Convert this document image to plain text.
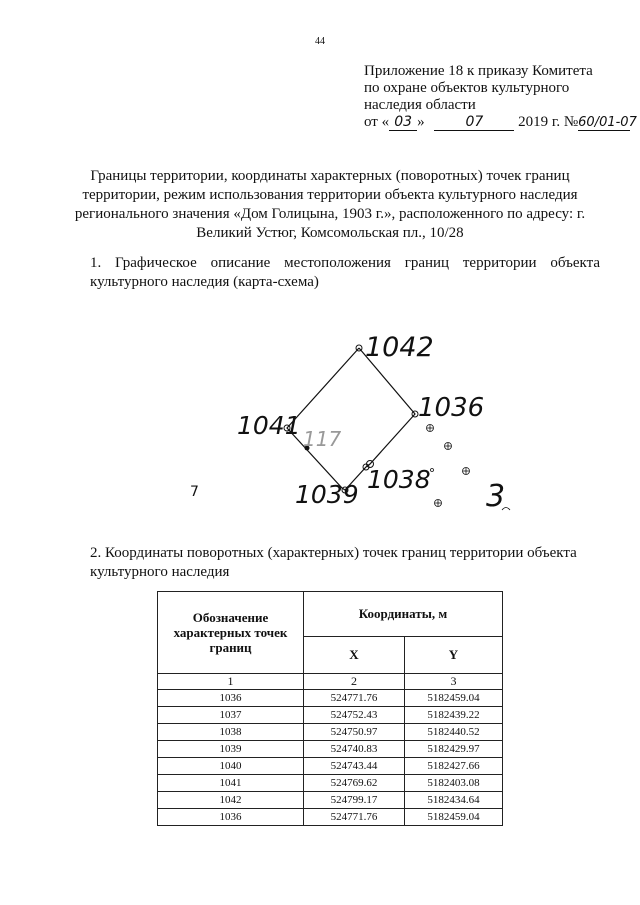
44
Приложение 18 к приказу Комитета
по охране объектов культурного
наследия области
от « 03 »	07 2019 г. №60/01-07
Границы территории, координаты характерных (поворотных) точек границ территории, режим использования территории объекта культурного наследия регионального значения «Дом Голицына, 1903 г.», расположенного по адресу: г. Великий Устюг, Комсомольская пл., 10/28
1. Графическое описание местоположения границ территории объекта культурного наследия (карта-схема)
1042
1036
1041
1039
1038
117
7	3
2. Координаты поворотных (характерных) точек границ территории объекта культурного наследия
Обозначение характерных точек границ	Координаты, м	
	X	Y
1	2	3
1036	524771.76	5182459.04
1037	524752.43	5182439.22
1038	524750.97	5182440.52
1039	524740.83	5182429.97
1040	524743.44	5182427.66
1041	524769.62	5182403.08
1042	524799.17	5182434.64
1036	524771.76	5182459.04
